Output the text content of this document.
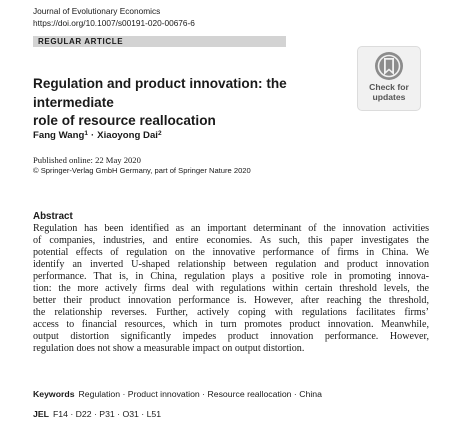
Journal of Evolutionary Economics
https://doi.org/10.1007/s00191-020-00676-6
REGULAR ARTICLE
Regulation and product innovation: the intermediate
role of resource reallocation
Check for
updates
Fang Wang$^1$ · Xiaoyong Dai$^2$
Published online: 22 May 2020
© Springer-Verlag GmbH Germany, part of Springer Nature 2020
Abstract
Regulation has been identified as an important determinant of the innovation activities
of companies, industries, and entire economies. As such, this paper investigates the
potential effects of regulation on the innovative performance of firms in China. We
identify an inverted U-shaped relationship between regulation and product innovation
performance. That is, in China, regulation plays a positive role in promoting innova-
tion: the more actively firms deal with regulations within certain threshold levels, the
better their product innovation performance is. However, after reaching the threshold,
the relationship reverses. Further, actively coping with regulations facilitates firms’
access to financial resources, which in turn promotes product innovation. Meanwhile,
output distortion significantly impedes product innovation performance. However,
regulation does not show a measurable impact on output distortion.
Keywords Regulation · Product innovation · Resource reallocation · China
JEL F14 · D22 · P31 · O31 · L51
